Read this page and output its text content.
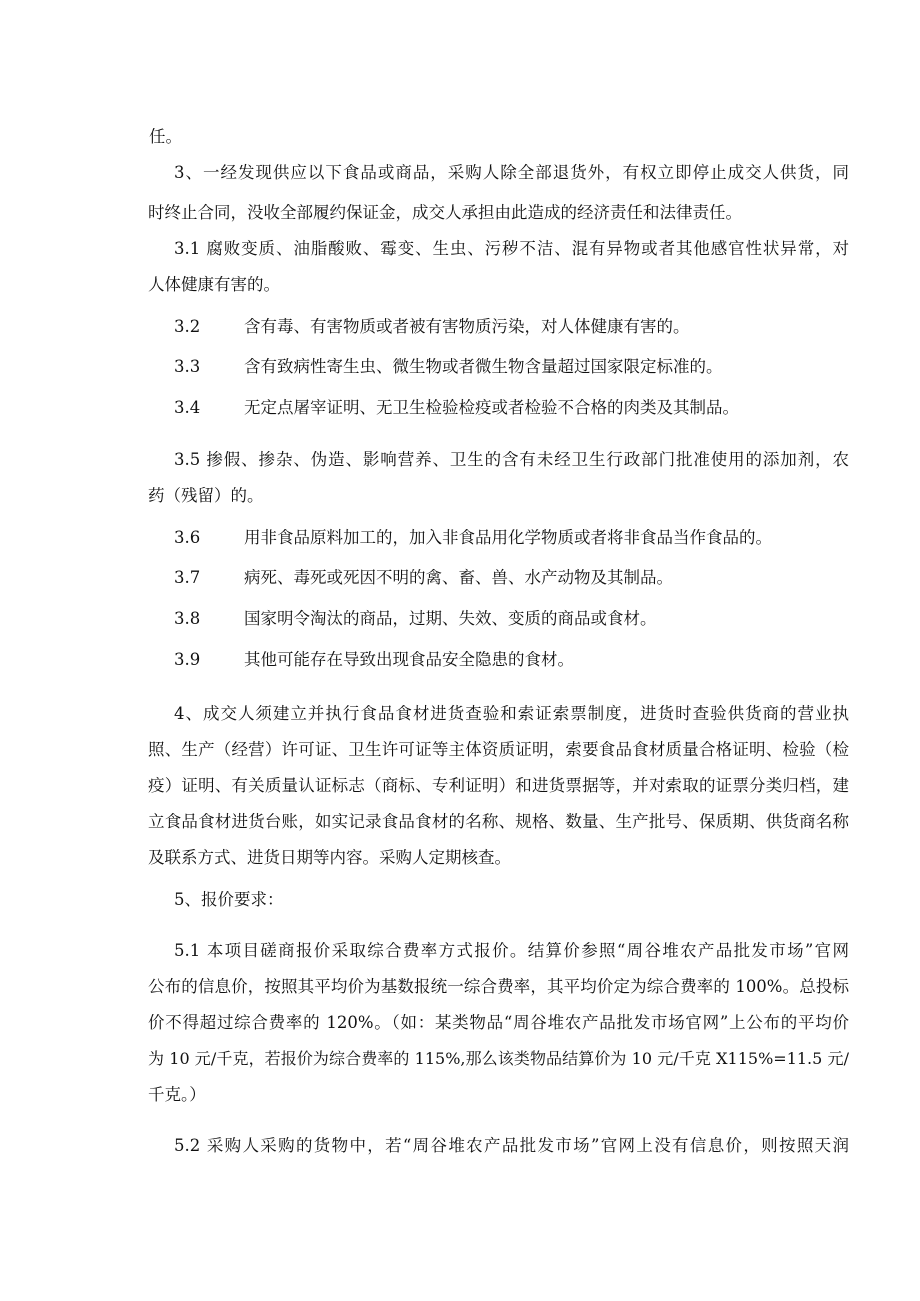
任。
3、一经发现供应以下食品或商品，采购人除全部退货外，有权立即停止成交人供货，同
时终止合同，没收全部履约保证金，成交人承担由此造成的经济责任和法律责任。
3.1 腐败变质、油脂酸败、霉变、生虫、污秽不洁、混有异物或者其他感官性状异常，对
人体健康有害的。
3.2	含有毒、有害物质或者被有害物质污染，对人体健康有害的。
3.3	含有致病性寄生虫、微生物或者微生物含量超过国家限定标准的。
3.4	无定点屠宰证明、无卫生检验检疫或者检验不合格的肉类及其制品。
3.5 掺假、掺杂、伪造、影响营养、卫生的含有未经卫生行政部门批准使用的添加剂，农
药（残留）的。
3.6	用非食品原料加工的，加入非食品用化学物质或者将非食品当作食品的。
3.7	病死、毒死或死因不明的禽、畜、兽、水产动物及其制品。
3.8	国家明令淘汰的商品，过期、失效、变质的商品或食材。
3.9	其他可能存在导致出现食品安全隐患的食材。
4、成交人须建立并执行食品食材进货查验和索证索票制度，进货时查验供货商的营业执
照、生产（经营）许可证、卫生许可证等主体资质证明，索要食品食材质量合格证明、检验（检
疫）证明、有关质量认证标志（商标、专利证明）和进货票据等，并对索取的证票分类归档，建
立食品食材进货台账，如实记录食品食材的名称、规格、数量、生产批号、保质期、供货商名称
及联系方式、进货日期等内容。采购人定期核查。
5、报价要求：
5.1 本项目磋商报价采取综合费率方式报价。结算价参照“周谷堆农产品批发市场”官网
公布的信息价，按照其平均价为基数报统一综合费率，其平均价定为综合费率的 100%。总投标
价不得超过综合费率的 120%。（如：某类物品“周谷堆农产品批发市场官网”上公布的平均价
为 10 元/千克，若报价为综合费率的 115%,那么该类物品结算价为 10 元/千克 X115%=11.5 元/
千克。）
5.2 采购人采购的货物中，若“周谷堆农产品批发市场”官网上没有信息价，则按照天润
